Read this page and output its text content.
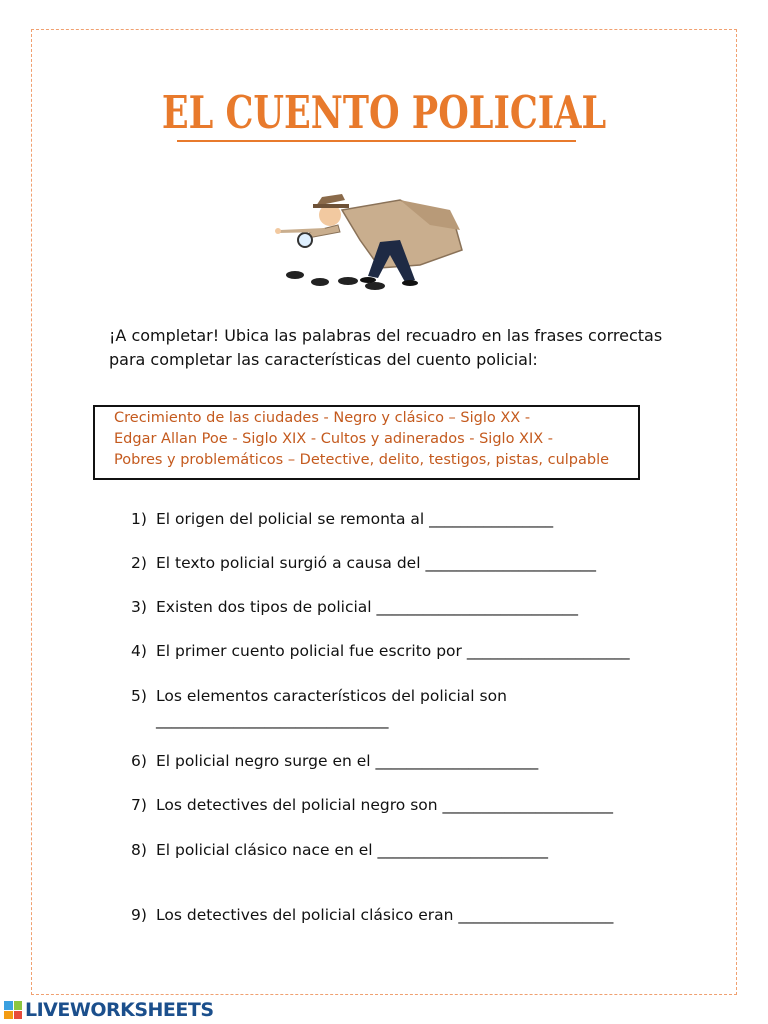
EL CUENTO POLICIAL
¡A completar! Ubica las palabras del recuadro en las frases correctas para completar las características del cuento policial:
Crecimiento de las ciudades - Negro y clásico – Siglo XX -
Edgar Allan Poe - Siglo XIX - Cultos y adinerados - Siglo XIX -
Pobres y problemáticos – Detective, delito, testigos, pistas, culpable
1) El origen del policial se remonta al ________________
2) El texto policial surgió a causa del ______________________
3) Existen dos tipos de policial __________________________
4) El primer cuento policial fue escrito por _____________________
5) Los elementos característicos del policial son
______________________________
6) El policial negro surge en el _____________________
7) Los detectives del policial negro son ______________________
8) El policial clásico nace en el ______________________
9) Los detectives del policial clásico eran ____________________
LIVEWORKSHEETS
